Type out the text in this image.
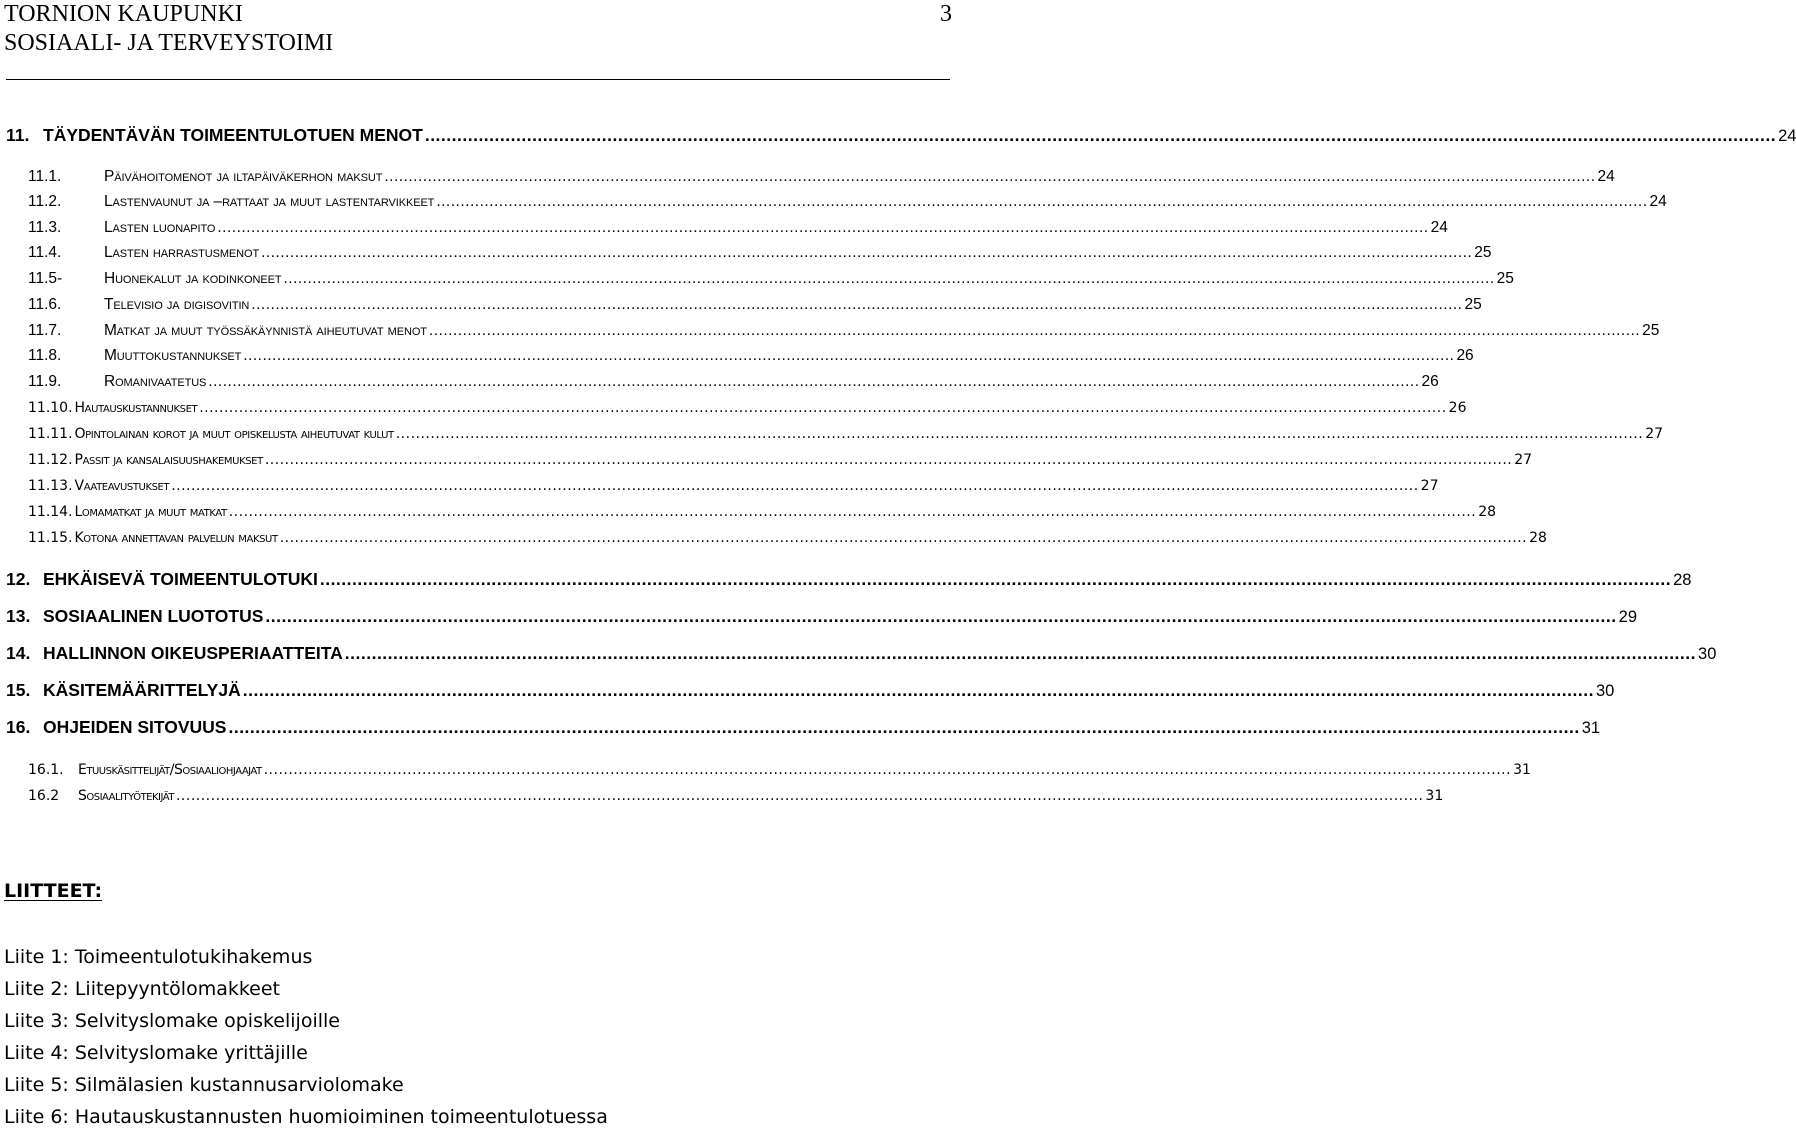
TORNION KAUPUNKI
SOSIAALI- JA TERVEYSTOIMI
3
11. TÄYDENTÄVÄN TOIMEENTULOTUEN MENOT .....	24
11.1.	Päivähoitomenot ja iltapäiväkerhon maksut .....	24
11.2.	Lastenvaunut ja –rattaat ja muut lastentarvikkeet .....	24
11.3.	Lasten luonapito .....	24
11.4.	Lasten harrastusmenot .....	25
11.5-	Huonekalut ja kodinkoneet .....	25
11.6.	Televisio ja digisovitin .....	25
11.7.	Matkat ja muut työssäkäynnistä aiheutuvat menot .....	25
11.8.	Muuttokustannukset .....	26
11.9.	Romanivaatetus .....	26
11.10. Hautauskustannukset .....	26
11.11. Opintolainan korot ja muut opiskelusta aiheutuvat kulut .....	27
11.12. Passit ja kansalaisuushakemukset .....	27
11.13. Vaateavustukset .....	27
11.14. Lomamatkat ja muut matkat .....	28
11.15. Kotona annettavan palvelun maksut .....	28
12. EHKÄISEVÄ TOIMEENTULOTUKI .....	28
13. SOSIAALINEN LUOTOTUS .....	29
14. HALLINNON OIKEUSPERIAATTEITA .....	30
15. KÄSITEMÄÄRITTELYJÄ .....	30
16. OHJEIDEN SITOVUUS .....	31
16.1.	Etuuskäsittelijät/Sosiaaliohjaajat .....	31
16.2	Sosiaalityötekijät .....	31
LIITTEET:
Liite 1: Toimeentulotukihakemus
Liite 2: Liitepyyntölomakkeet
Liite 3: Selvityslomake opiskelijoille
Liite 4: Selvityslomake yrittäjille
Liite 5: Silmälasien kustannusarviolomake
Liite 6: Hautauskustannusten huomioiminen toimeentulotuessa
